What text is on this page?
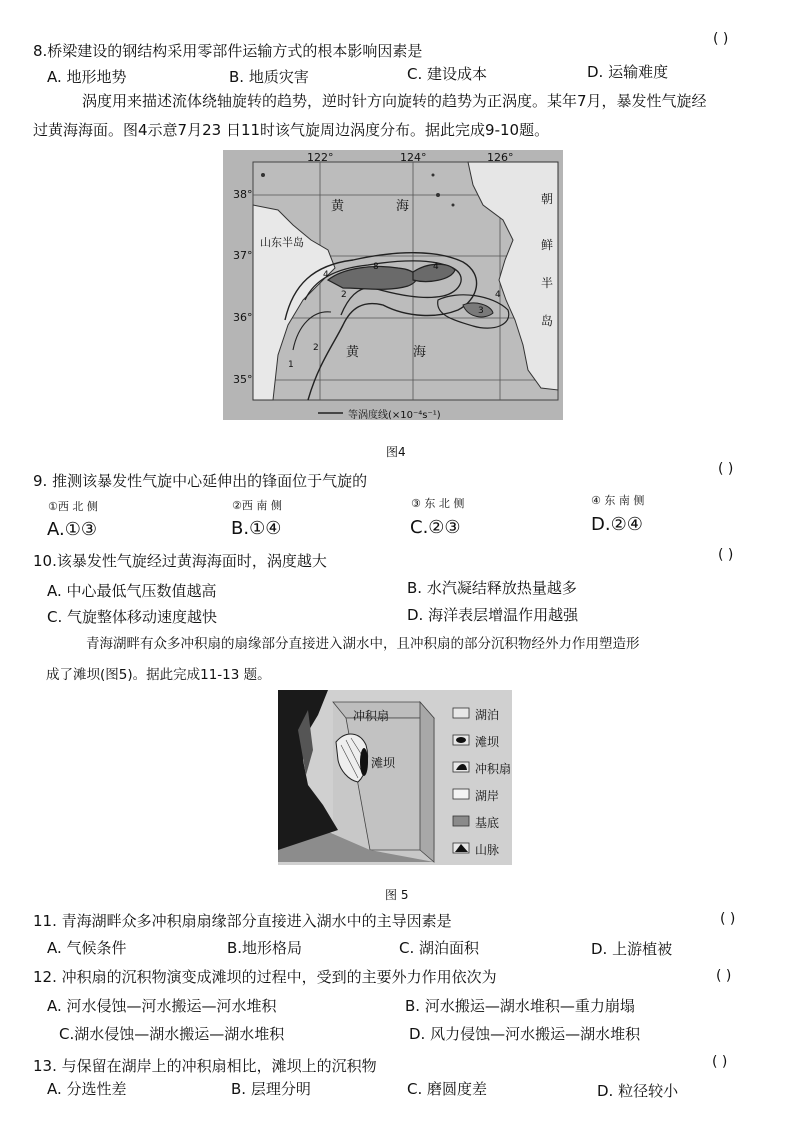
( )
8.桥梁建设的钢结构采用零部件运输方式的根本影响因素是
A. 地形地势	B. 地质灾害	C. 建设成本	D. 运输难度
涡度用来描述流体绕轴旋转的趋势，逆时针方向旋转的趋势为正涡度。某年7月，暴发性气旋经
过黄海海面。图4示意7月23 日11时该气旋周边涡度分布。据此完成9-10题。
122°	124°	126°
38°
37°
36°
35°
黄	海
黄	海
山东半岛
朝
鲜
半
岛
8	4
4
2
3
4
2
1
等涡度线(×10⁻⁴s⁻¹)
图4
( )
9. 推测该暴发性气旋中心延伸出的锋面位于气旋的
①西 北 侧	②西 南 侧	③ 东 北 侧	④ 东 南 侧
A.①③	B.①④	C.②③	D.②④
( )
10.该暴发性气旋经过黄海海面时，涡度越大
A. 中心最低气压数值越高	B. 水汽凝结释放热量越多
C. 气旋整体移动速度越快	D. 海洋表层增温作用越强
青海湖畔有众多冲积扇的扇缘部分直接进入湖水中，且冲积扇的部分沉积物经外力作用塑造形
成了滩坝(图5)。据此完成11-13 题。
冲积扇
滩坝
湖泊
滩坝
冲积扇
湖岸
基底
山脉
图 5
( )
11. 青海湖畔众多冲积扇扇缘部分直接进入湖水中的主导因素是
A. 气候条件	B.地形格局	C. 湖泊面积	D. 上游植被
( )
12. 冲积扇的沉积物演变成滩坝的过程中，受到的主要外力作用依次为
A. 河水侵蚀—河水搬运—河水堆积	B. 河水搬运—湖水堆积—重力崩塌
C.湖水侵蚀—湖水搬运—湖水堆积	D. 风力侵蚀—河水搬运—湖水堆积
( )
13. 与保留在湖岸上的冲积扇相比，滩坝上的沉积物
A. 分选性差	B. 层理分明	C. 磨圆度差	D. 粒径较小
